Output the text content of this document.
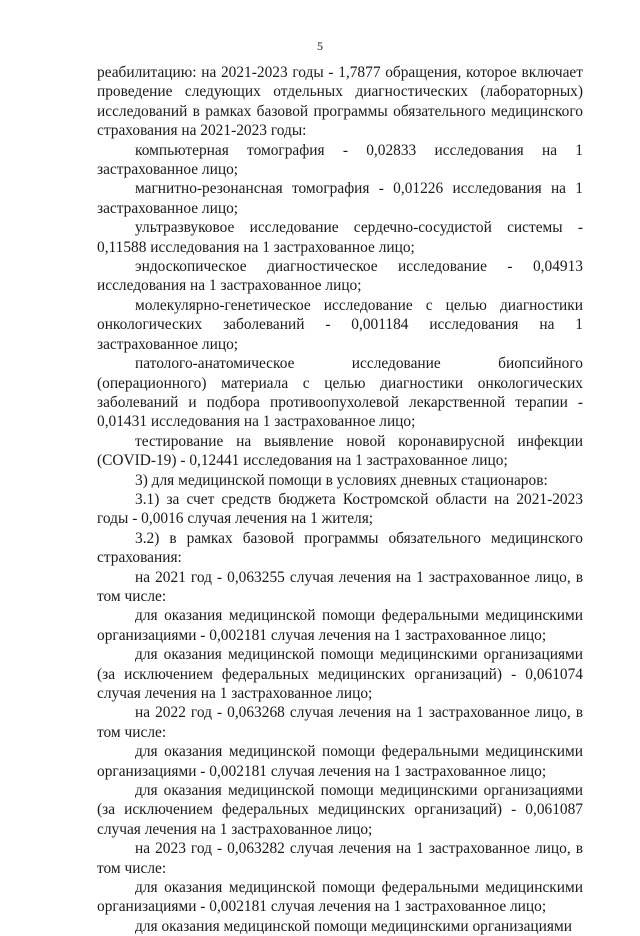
5

реабилитацию: на 2021-2023 годы - 1,7877 обращения, которое включает проведение следующих отдельных диагностических (лабораторных) исследований в рамках базовой программы обязательного медицинского страхования на 2021-2023 годы:

компьютерная томография - 0,02833 исследования на 1 застрахованное лицо;

магнитно-резонансная томография - 0,01226 исследования на 1 застрахованное лицо;

ультразвуковое исследование сердечно-сосудистой системы - 0,11588 исследования на 1 застрахованное лицо;

эндоскопическое диагностическое исследование - 0,04913 исследования на 1 застрахованное лицо;

молекулярно-генетическое исследование с целью диагностики онкологических заболеваний - 0,001184 исследования на 1 застрахованное лицо;

патолого-анатомическое исследование биопсийного (операционного) материала с целью диагностики онкологических заболеваний и подбора противоопухолевой лекарственной терапии - 0,01431 исследования на 1 застрахованное лицо;

тестирование на выявление новой коронавирусной инфекции (COVID-19) - 0,12441 исследования на 1 застрахованное лицо;

3) для медицинской помощи в условиях дневных стационаров:

3.1) за счет средств бюджета Костромской области на 2021-2023 годы - 0,0016 случая лечения на 1 жителя;

3.2) в рамках базовой программы обязательного медицинского страхования:

на 2021 год - 0,063255 случая лечения на 1 застрахованное лицо, в том числе:

для оказания медицинской помощи федеральными медицинскими организациями - 0,002181 случая лечения на 1 застрахованное лицо;

для оказания медицинской помощи медицинскими организациями (за исключением федеральных медицинских организаций) - 0,061074 случая лечения на 1 застрахованное лицо;

на 2022 год - 0,063268 случая лечения на 1 застрахованное лицо, в том числе:

для оказания медицинской помощи федеральными медицинскими организациями - 0,002181 случая лечения на 1 застрахованное лицо;

для оказания медицинской помощи медицинскими организациями (за исключением федеральных медицинских организаций) - 0,061087 случая лечения на 1 застрахованное лицо;

на 2023 год - 0,063282 случая лечения на 1 застрахованное лицо, в том числе:

для оказания медицинской помощи федеральными медицинскими организациями - 0,002181 случая лечения на 1 застрахованное лицо;

для оказания медицинской помощи медицинскими организациями
